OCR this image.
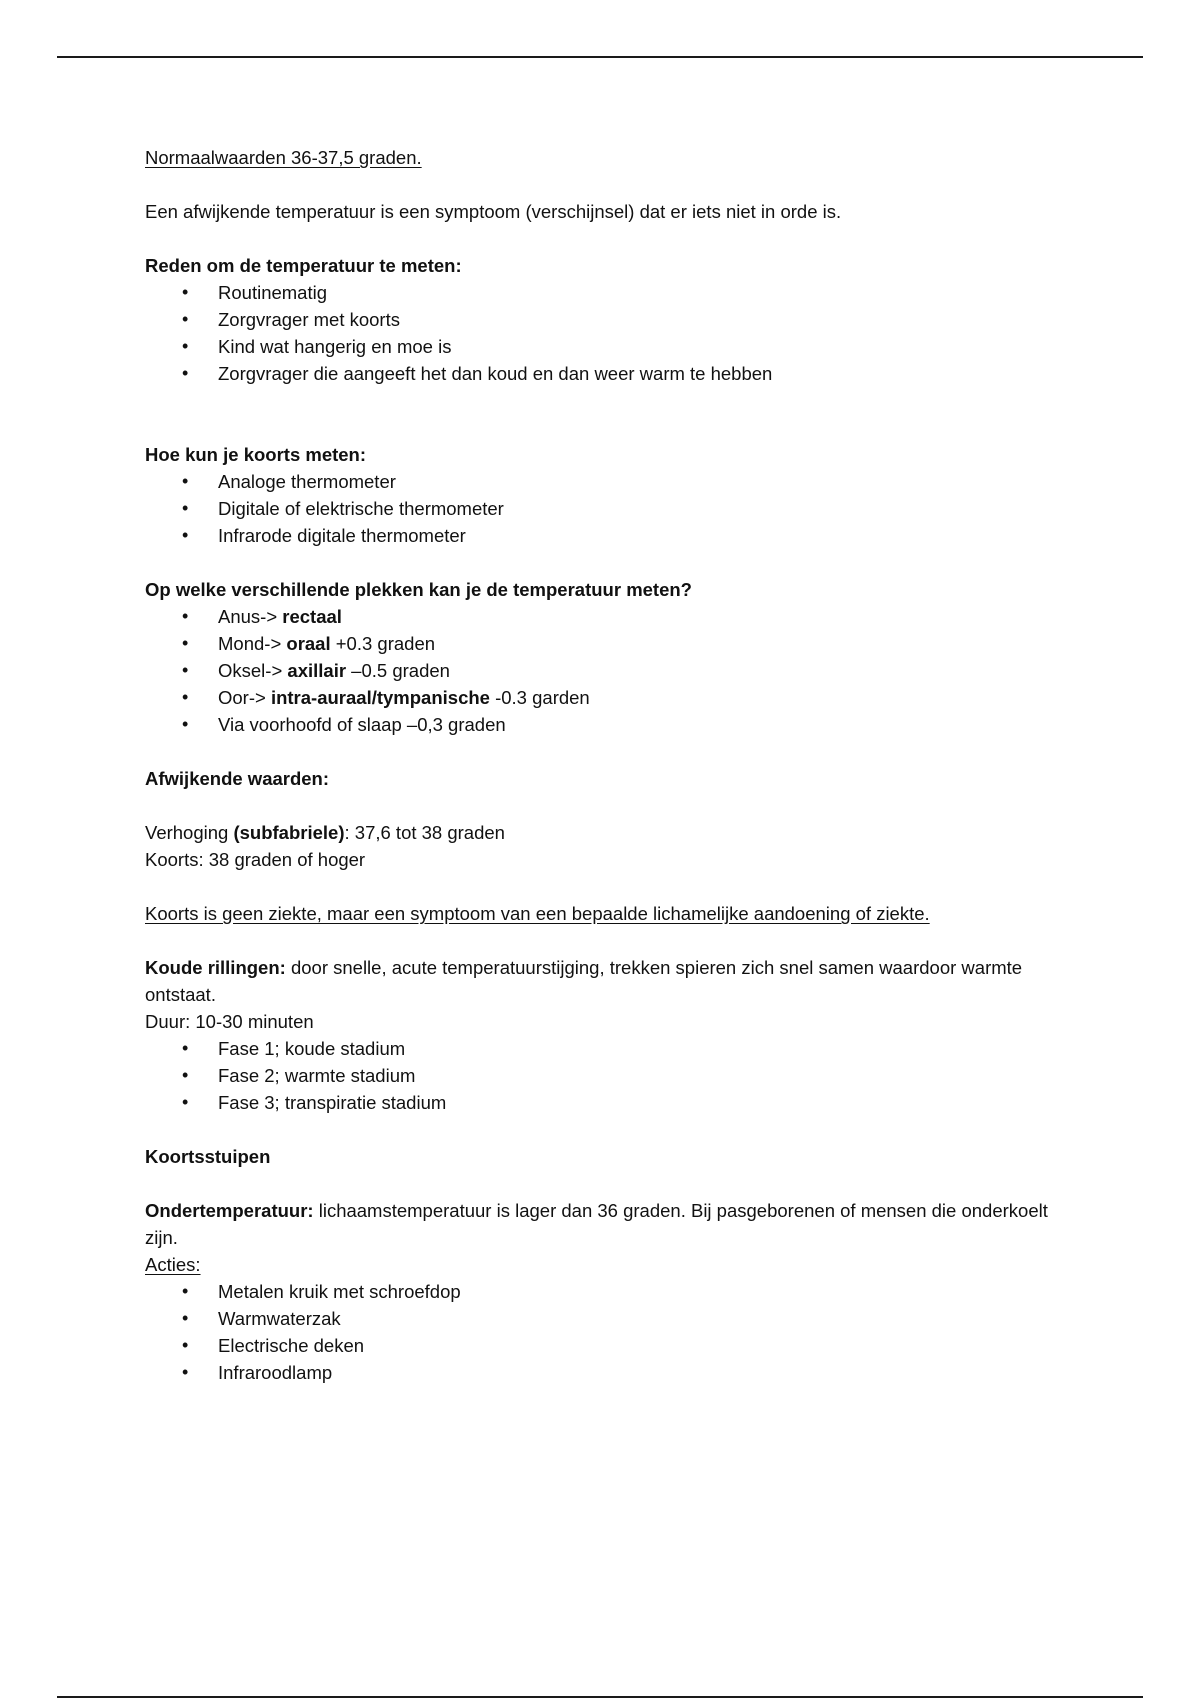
Normaalwaarden 36-37,5 graden.

Een afwijkende temperatuur is een symptoom (verschijnsel) dat er iets niet in orde is.

Reden om de temperatuur te meten:

• Routinematig
• Zorgvrager met koorts
• Kind wat hangerig en moe is
• Zorgvrager die aangeeft het dan koud en dan weer warm te hebben

Hoe kun je koorts meten:

• Analoge thermometer
• Digitale of elektrische thermometer
• Infrarode digitale thermometer

Op welke verschillende plekken kan je de temperatuur meten?

• Anus-> rectaal
• Mond-> oraal +0.3 graden
• Oksel-> axillair –0.5 graden
• Oor-> intra-auraal/tympanische -0.3 garden
• Via voorhoofd of slaap –0,3 graden

Afwijkende waarden:

Verhoging (subfabriele): 37,6 tot 38 graden

Koorts: 38 graden of hoger

Koorts is geen ziekte, maar een symptoom van een bepaalde lichamelijke aandoening of ziekte.

Koude rillingen: door snelle, acute temperatuurstijging, trekken spieren zich snel samen waardoor warmte ontstaat.

Duur: 10-30 minuten

• Fase 1; koude stadium
• Fase 2; warmte stadium
• Fase 3; transpiratie stadium

Koortsstuipen

Ondertemperatuur: lichaamstemperatuur is lager dan 36 graden. Bij pasgeborenen of mensen die onderkoelt zijn.

Acties:

• Metalen kruik met schroefdop
• Warmwaterzak
• Electrische deken
• Infraroodlamp
